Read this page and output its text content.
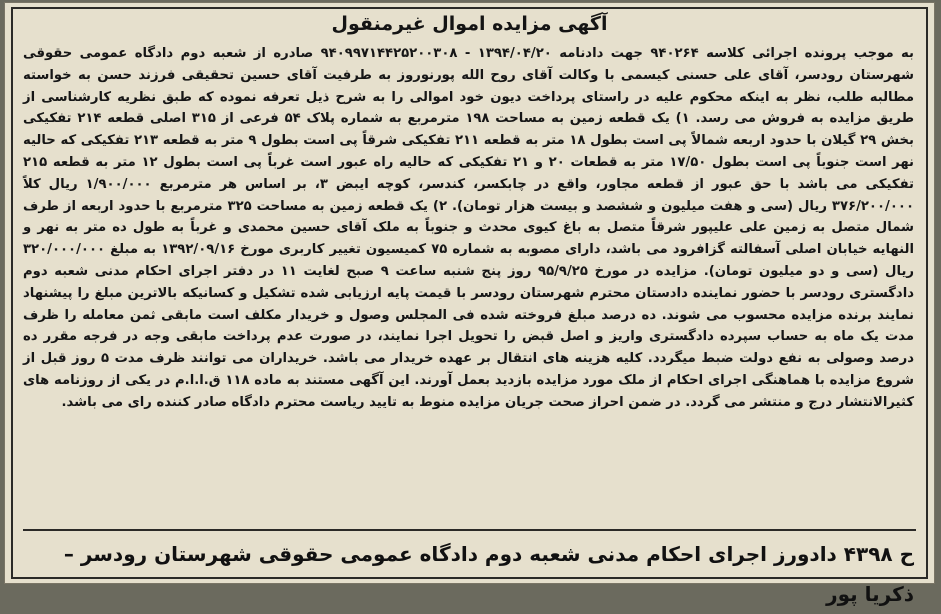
آگهی مزایده اموال غیرمنقول
به موجب پرونده اجرائی کلاسه ۹۴۰۲۶۴ جهت دادنامه ۱۳۹۴/۰۴/۲۰ - ۹۴۰۹۹۷۱۴۴۲۵۲۰۰۳۰۸ صادره از شعبه دوم دادگاه عمومی حقوقی شهرستان رودسر، آقای علی حسنی کیسمی با وکالت آقای روح الله پورنوروز به طرفیت آقای حسین تحقیقی فرزند حسن به خواسته مطالبه طلب، نظر به اینکه محکوم علیه در راستای پرداخت دیون خود اموالی را به شرح ذیل تعرفه نموده که طبق نظریه کارشناسی از طریق مزایده به فروش می رسد. ۱) یک قطعه زمین به مساحت ۱۹۸ مترمربع به شماره پلاک ۵۴ فرعی از ۳۱۵ اصلی قطعه ۲۱۴ تفکیکی بخش ۲۹ گیلان با حدود اربعه شمالاً پی است بطول ۱۸ متر به قطعه ۲۱۱ تفکیکی شرقاً پی است بطول ۹ متر به قطعه ۲۱۳ تفکیکی که حالیه نهر است جنوباً پی است بطول ۱۷/۵۰ متر به قطعات ۲۰ و ۲۱ تفکیکی که حالیه راه عبور است غرباً پی است بطول ۱۲ متر به قطعه ۲۱۵ تفکیکی می باشد با حق عبور از قطعه مجاور، واقع در چابکسر، کندسر، کوچه ایبض ۳، بر اساس هر مترمربع ۱/۹۰۰/۰۰۰ ریال کلاً ۳۷۶/۲۰۰/۰۰۰ ریال (سی و هفت میلیون و ششصد و بیست هزار تومان). ۲) یک قطعه زمین به مساحت ۳۲۵ مترمربع با حدود اربعه از طرف شمال متصل به زمین علی علیپور شرقاً متصل به باغ کیوی محدث و جنوباً به ملک آقای حسین محمدی و غرباً به طول ده متر به نهر و النهایه خیابان اصلی آسفالته گزافرود می باشد، دارای مصوبه به شماره ۷۵ کمیسیون تغییر کاربری مورخ ۱۳۹۲/۰۹/۱۶ به مبلغ ۳۲۰/۰۰۰/۰۰۰ ریال (سی و دو میلیون تومان). مزایده در مورخ ۹۵/۹/۲۵ روز پنج شنبه ساعت ۹ صبح لغایت ۱۱ در دفتر اجرای احکام مدنی شعبه دوم دادگستری رودسر با حضور نماینده دادستان محترم شهرستان رودسر با قیمت پایه ارزیابی شده تشکیل و کسانیکه بالاترین مبلغ را پیشنهاد نمایند برنده مزایده محسوب می شوند. ده درصد مبلغ فروخته شده فی المجلس وصول و خریدار مکلف است مابقی ثمن معامله را ظرف مدت یک ماه به حساب سپرده دادگستری واریز و اصل قبض را تحویل اجرا نمایند، در صورت عدم پرداخت مابقی وجه در فرجه مقرر ده درصد وصولی به نفع دولت ضبط میگردد. کلیه هزینه های انتقال بر عهده خریدار می باشد. خریداران می توانند ظرف مدت ۵ روز قبل از شروع مزایده با هماهنگی اجرای احکام از ملک مورد مزایده بازدید بعمل آورند. این آگهی مستند به ماده ۱۱۸ ق.ا.ا.م در یکی از روزنامه های کثیرالانتشار درج و منتشر می گردد. در ضمن احراز صحت جریان مزایده منوط به تایید ریاست محترم دادگاه صادر کننده رای می باشد.
ح ۴۳۹۸ دادورز اجرای احکام مدنی شعبه دوم دادگاه عمومی حقوقی شهرستان رودسر – ذکریا پور
